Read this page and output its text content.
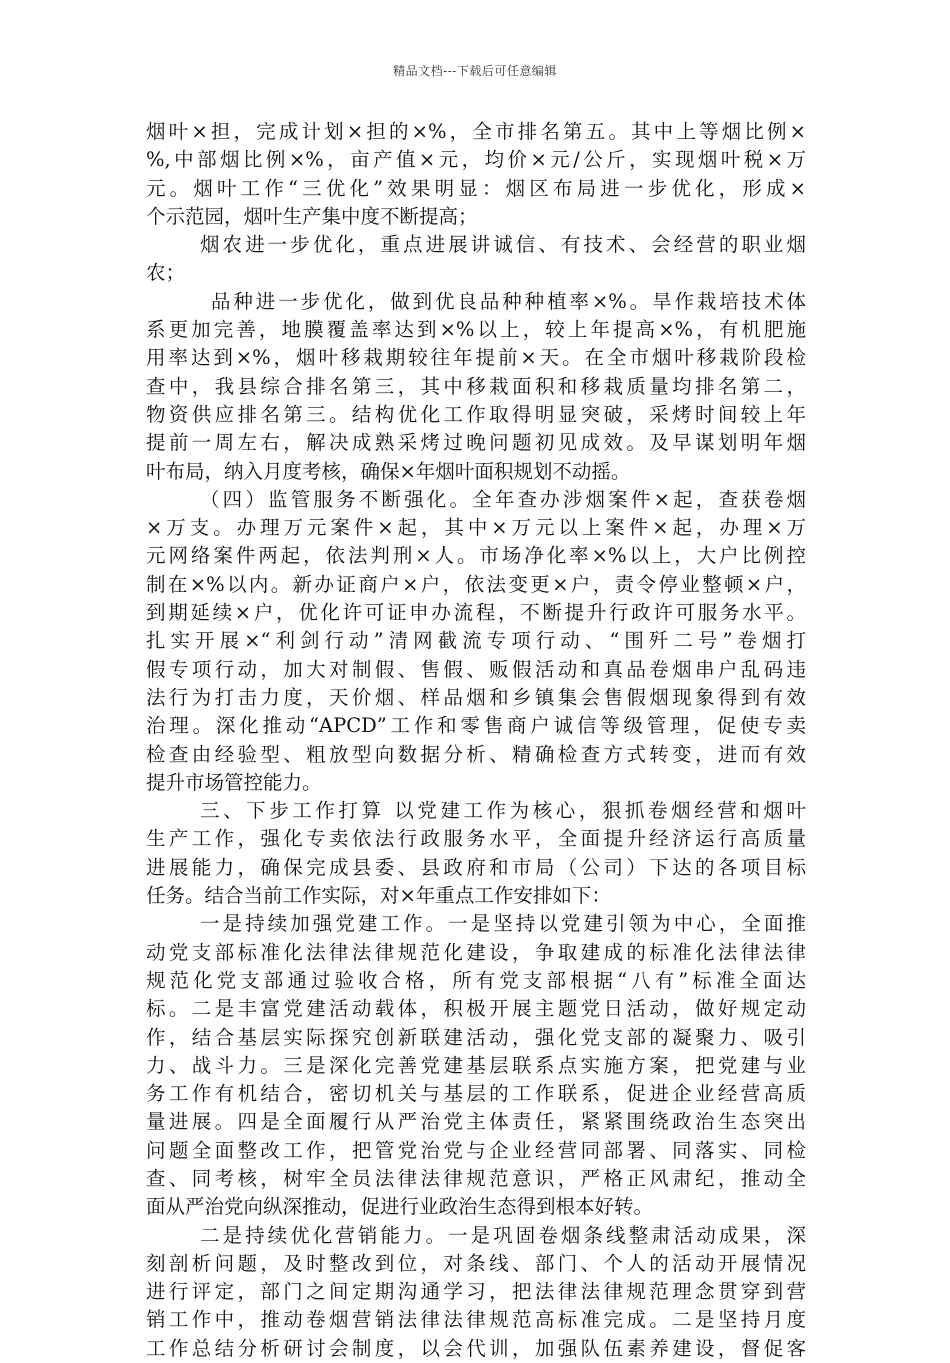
精品文档---下载后可任意编辑
烟叶×担，完成计划×担的×%，全市排名第五。其中上等烟比例×
%,中部烟比例×%，亩产值×元，均价×元/公斤，实现烟叶税×万
元。烟叶工作“三优化”效果明显：烟区布局进一步优化，形成×
个示范园，烟叶生产集中度不断提高；
烟农进一步优化，重点进展讲诚信、有技术、会经营的职业烟
农；
品种进一步优化，做到优良品种种植率×%。旱作栽培技术体
系更加完善，地膜覆盖率达到×%以上，较上年提高×%，有机肥施
用率达到×%，烟叶移栽期较往年提前×天。在全市烟叶移栽阶段检
查中，我县综合排名第三，其中移栽面积和移栽质量均排名第二，
物资供应排名第三。结构优化工作取得明显突破，采烤时间较上年
提前一周左右，解决成熟采烤过晚问题初见成效。及早谋划明年烟
叶布局，纳入月度考核，确保×年烟叶面积规划不动摇。
（四）监管服务不断强化。全年查办涉烟案件×起，查获卷烟
×万支。办理万元案件×起，其中×万元以上案件×起，办理×万
元网络案件两起，依法判刑×人。市场净化率×%以上，大户比例控
制在×%以内。新办证商户×户，依法变更×户，责令停业整顿×户，
到期延续×户，优化许可证申办流程，不断提升行政许可服务水平。
扎实开展×“利剑行动”清网截流专项行动、“围歼二号”卷烟打
假专项行动，加大对制假、售假、贩假活动和真品卷烟串户乱码违
法行为打击力度，天价烟、样品烟和乡镇集会售假烟现象得到有效
治理。深化推动“APCD”工作和零售商户诚信等级管理，促使专卖
检查由经验型、粗放型向数据分析、精确检查方式转变，进而有效
提升市场管控能力。
三、下步工作打算 以党建工作为核心，狠抓卷烟经营和烟叶
生产工作，强化专卖依法行政服务水平，全面提升经济运行高质量
进展能力，确保完成县委、县政府和市局（公司）下达的各项目标
任务。结合当前工作实际，对×年重点工作安排如下：
一是持续加强党建工作。一是坚持以党建引领为中心，全面推
动党支部标准化法律法律规范化建设，争取建成的标准化法律法律
规范化党支部通过验收合格，所有党支部根据“八有”标准全面达
标。二是丰富党建活动载体，积极开展主题党日活动，做好规定动
作，结合基层实际探究创新联建活动，强化党支部的凝聚力、吸引
力、战斗力。三是深化完善党建基层联系点实施方案，把党建与业
务工作有机结合，密切机关与基层的工作联系，促进企业经营高质
量进展。四是全面履行从严治党主体责任，紧紧围绕政治生态突出
问题全面整改工作，把管党治党与企业经营同部署、同落实、同检
查、同考核，树牢全员法律法律规范意识，严格正风肃纪，推动全
面从严治党向纵深推动，促进行业政治生态得到根本好转。
二是持续优化营销能力。一是巩固卷烟条线整肃活动成果，深
刻剖析问题，及时整改到位，对条线、部门、个人的活动开展情况
进行评定，部门之间定期沟通学习，把法律法律规范理念贯穿到营
销工作中，推动卷烟营销法律法律规范高标准完成。二是坚持月度
工作总结分析研讨会制度，以会代训，加强队伍素养建设，督促客
